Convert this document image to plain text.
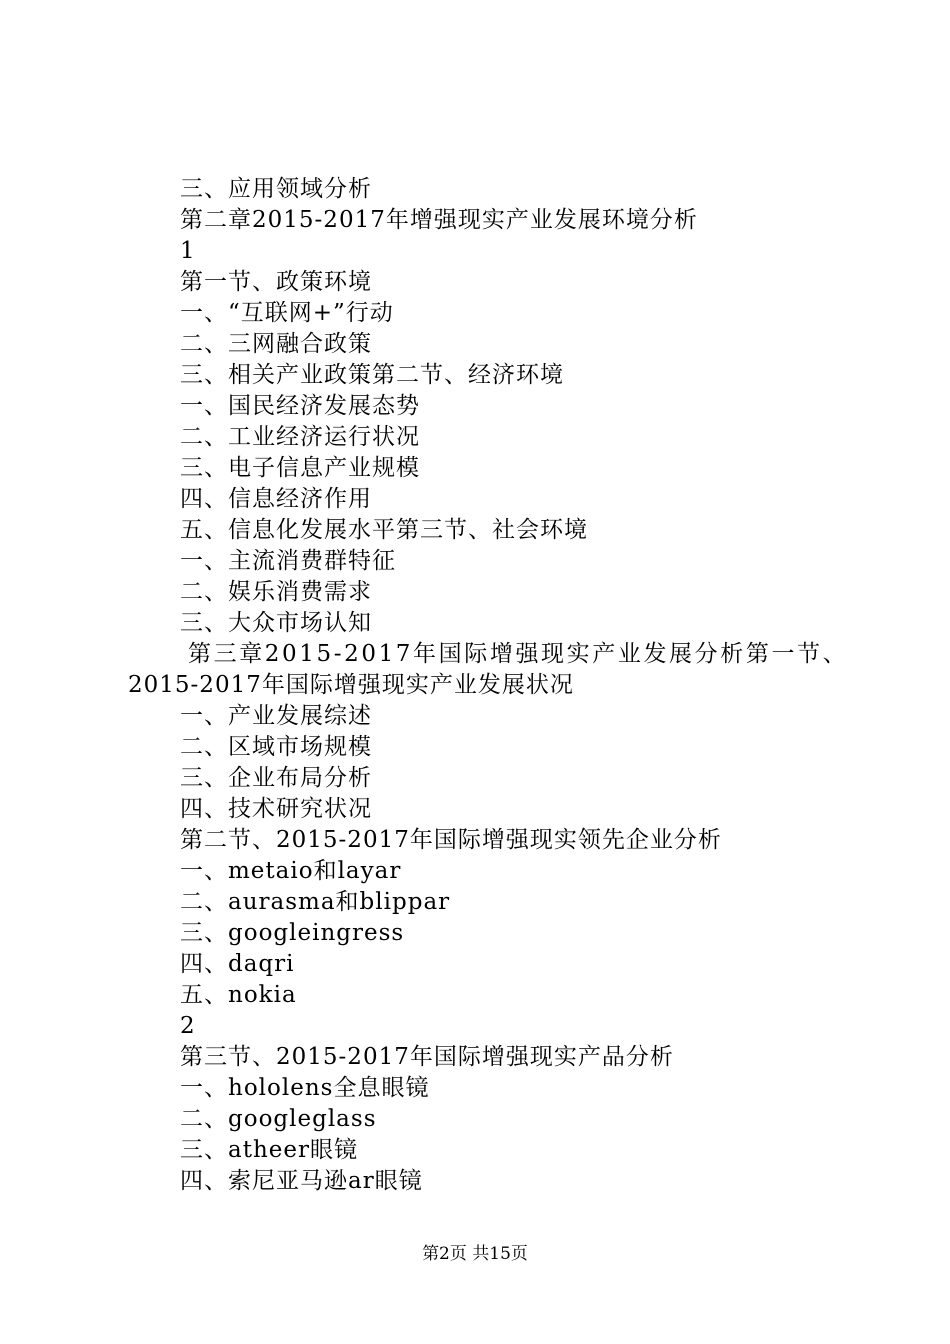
三、应用领域分析
第二章2015-2017年增强现实产业发展环境分析
1
第一节、政策环境
一、“互联网+”行动
二、三网融合政策
三、相关产业政策第二节、经济环境
一、国民经济发展态势
二、工业经济运行状况
三、电子信息产业规模
四、信息经济作用
五、信息化发展水平第三节、社会环境
一、主流消费群特征
二、娱乐消费需求
三、大众市场认知
第三章2015-2017年国际增强现实产业发展分析第一节、
2015-2017年国际增强现实产业发展状况
一、产业发展综述
二、区域市场规模
三、企业布局分析
四、技术研究状况
第二节、2015-2017年国际增强现实领先企业分析
一、metaio和layar
二、aurasma和blippar
三、googleingress
四、daqri
五、nokia
2
第三节、2015-2017年国际增强现实产品分析
一、hololens全息眼镜
二、googleglass
三、atheer眼镜
四、索尼亚马逊ar眼镜
第2页 共15页
